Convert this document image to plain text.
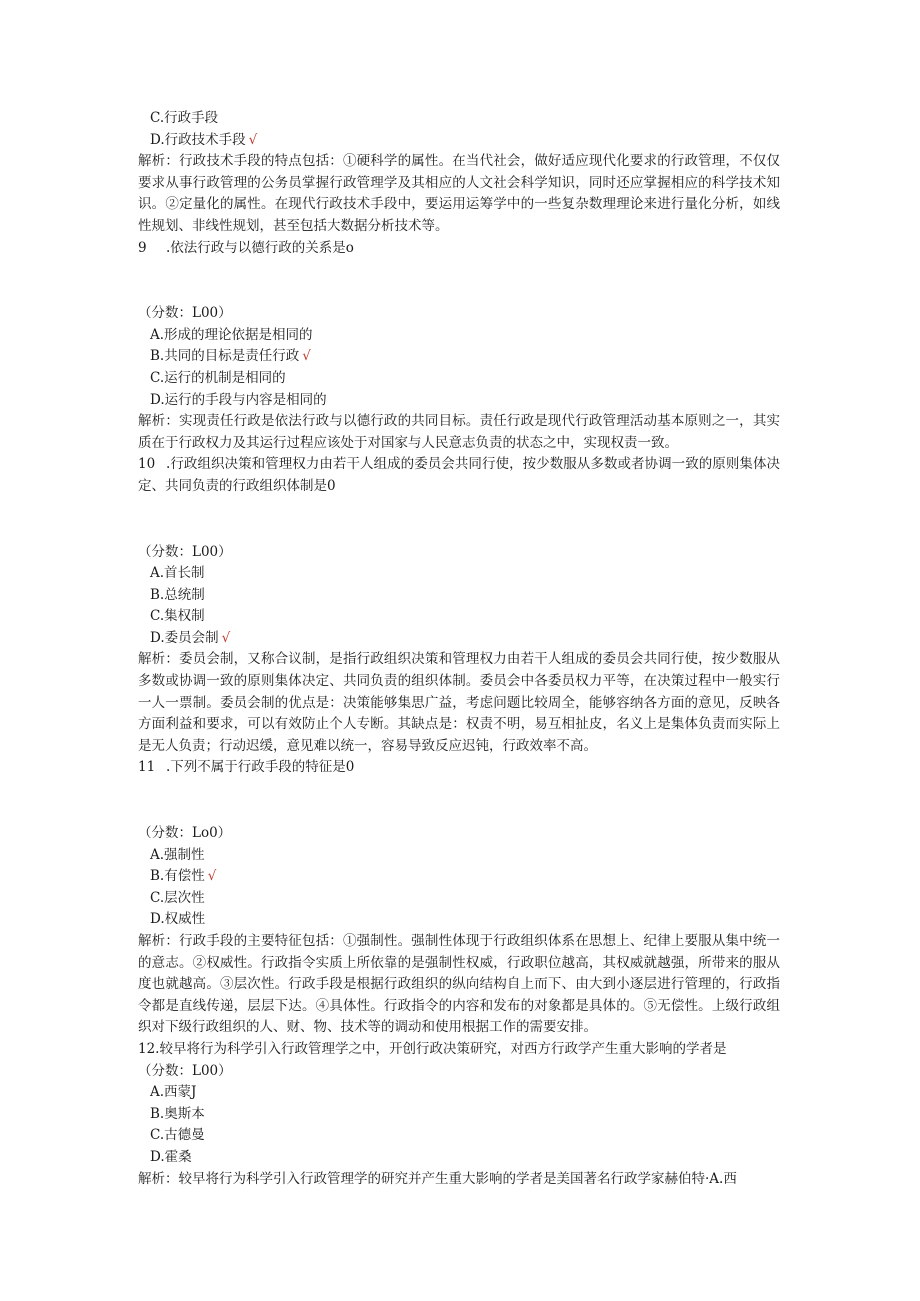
C.行政手段
D.行政技术手段 √
解析：行政技术手段的特点包括：①硬科学的属性。在当代社会，做好适应现代化要求的行政管理，不仅仅要求从事行政管理的公务员掌握行政管理学及其相应的人文社会科学知识，同时还应掌握相应的科学技术知识。②定量化的属性。在现代行政技术手段中，要运用运筹学中的一些复杂数理理论来进行量化分析，如线性规划、非线性规划，甚至包括大数据分析技术等。
9 .依法行政与以德行政的关系是o
（分数：L00）
A.形成的理论依据是相同的
B.共同的目标是责任行政 √
C.运行的机制是相同的
D.运行的手段与内容是相同的
解析：实现责任行政是依法行政与以德行政的共同目标。责任行政是现代行政管理活动基本原则之一，其实质在于行政权力及其运行过程应该处于对国家与人民意志负责的状态之中，实现权责一致。
10 .行政组织决策和管理权力由若干人组成的委员会共同行使，按少数服从多数或者协调一致的原则集体决定、共同负责的行政组织体制是0
（分数：L00）
A.首长制
B.总统制
C.集权制
D.委员会制 √
解析：委员会制，又称合议制，是指行政组织决策和管理权力由若干人组成的委员会共同行使，按少数服从多数或协调一致的原则集体决定、共同负责的组织体制。委员会中各委员权力平等，在决策过程中一般实行一人一票制。委员会制的优点是：决策能够集思广益，考虑问题比较周全，能够容纳各方面的意见，反映各方面利益和要求，可以有效防止个人专断。其缺点是：权责不明，易互相扯皮，名义上是集体负责而实际上是无人负责；行动迟缓，意见难以统一，容易导致反应迟钝，行政效率不高。
11 .下列不属于行政手段的特征是0
（分数：Lo0）
A.强制性
B.有偿性 √
C.层次性
D.权威性
解析：行政手段的主要特征包括：①强制性。强制性体现于行政组织体系在思想上、纪律上要服从集中统一的意志。②权威性。行政指令实质上所依靠的是强制性权威，行政职位越高，其权威就越强，所带来的服从度也就越高。③层次性。行政手段是根据行政组织的纵向结构自上而下、由大到小逐层进行管理的，行政指令都是直线传递，层层下达。④具体性。行政指令的内容和发布的对象都是具体的。⑤无偿性。上级行政组织对下级行政组织的人、财、物、技术等的调动和使用根据工作的需要安排。
12.较早将行为科学引入行政管理学之中，开创行政决策研究，对西方行政学产生重大影响的学者是
（分数：L00）
A.西蒙J
B.奥斯本
C.古德曼
D.霍桑
解析：较早将行为科学引入行政管理学的研究并产生重大影响的学者是美国著名行政学家赫伯特·A.西
